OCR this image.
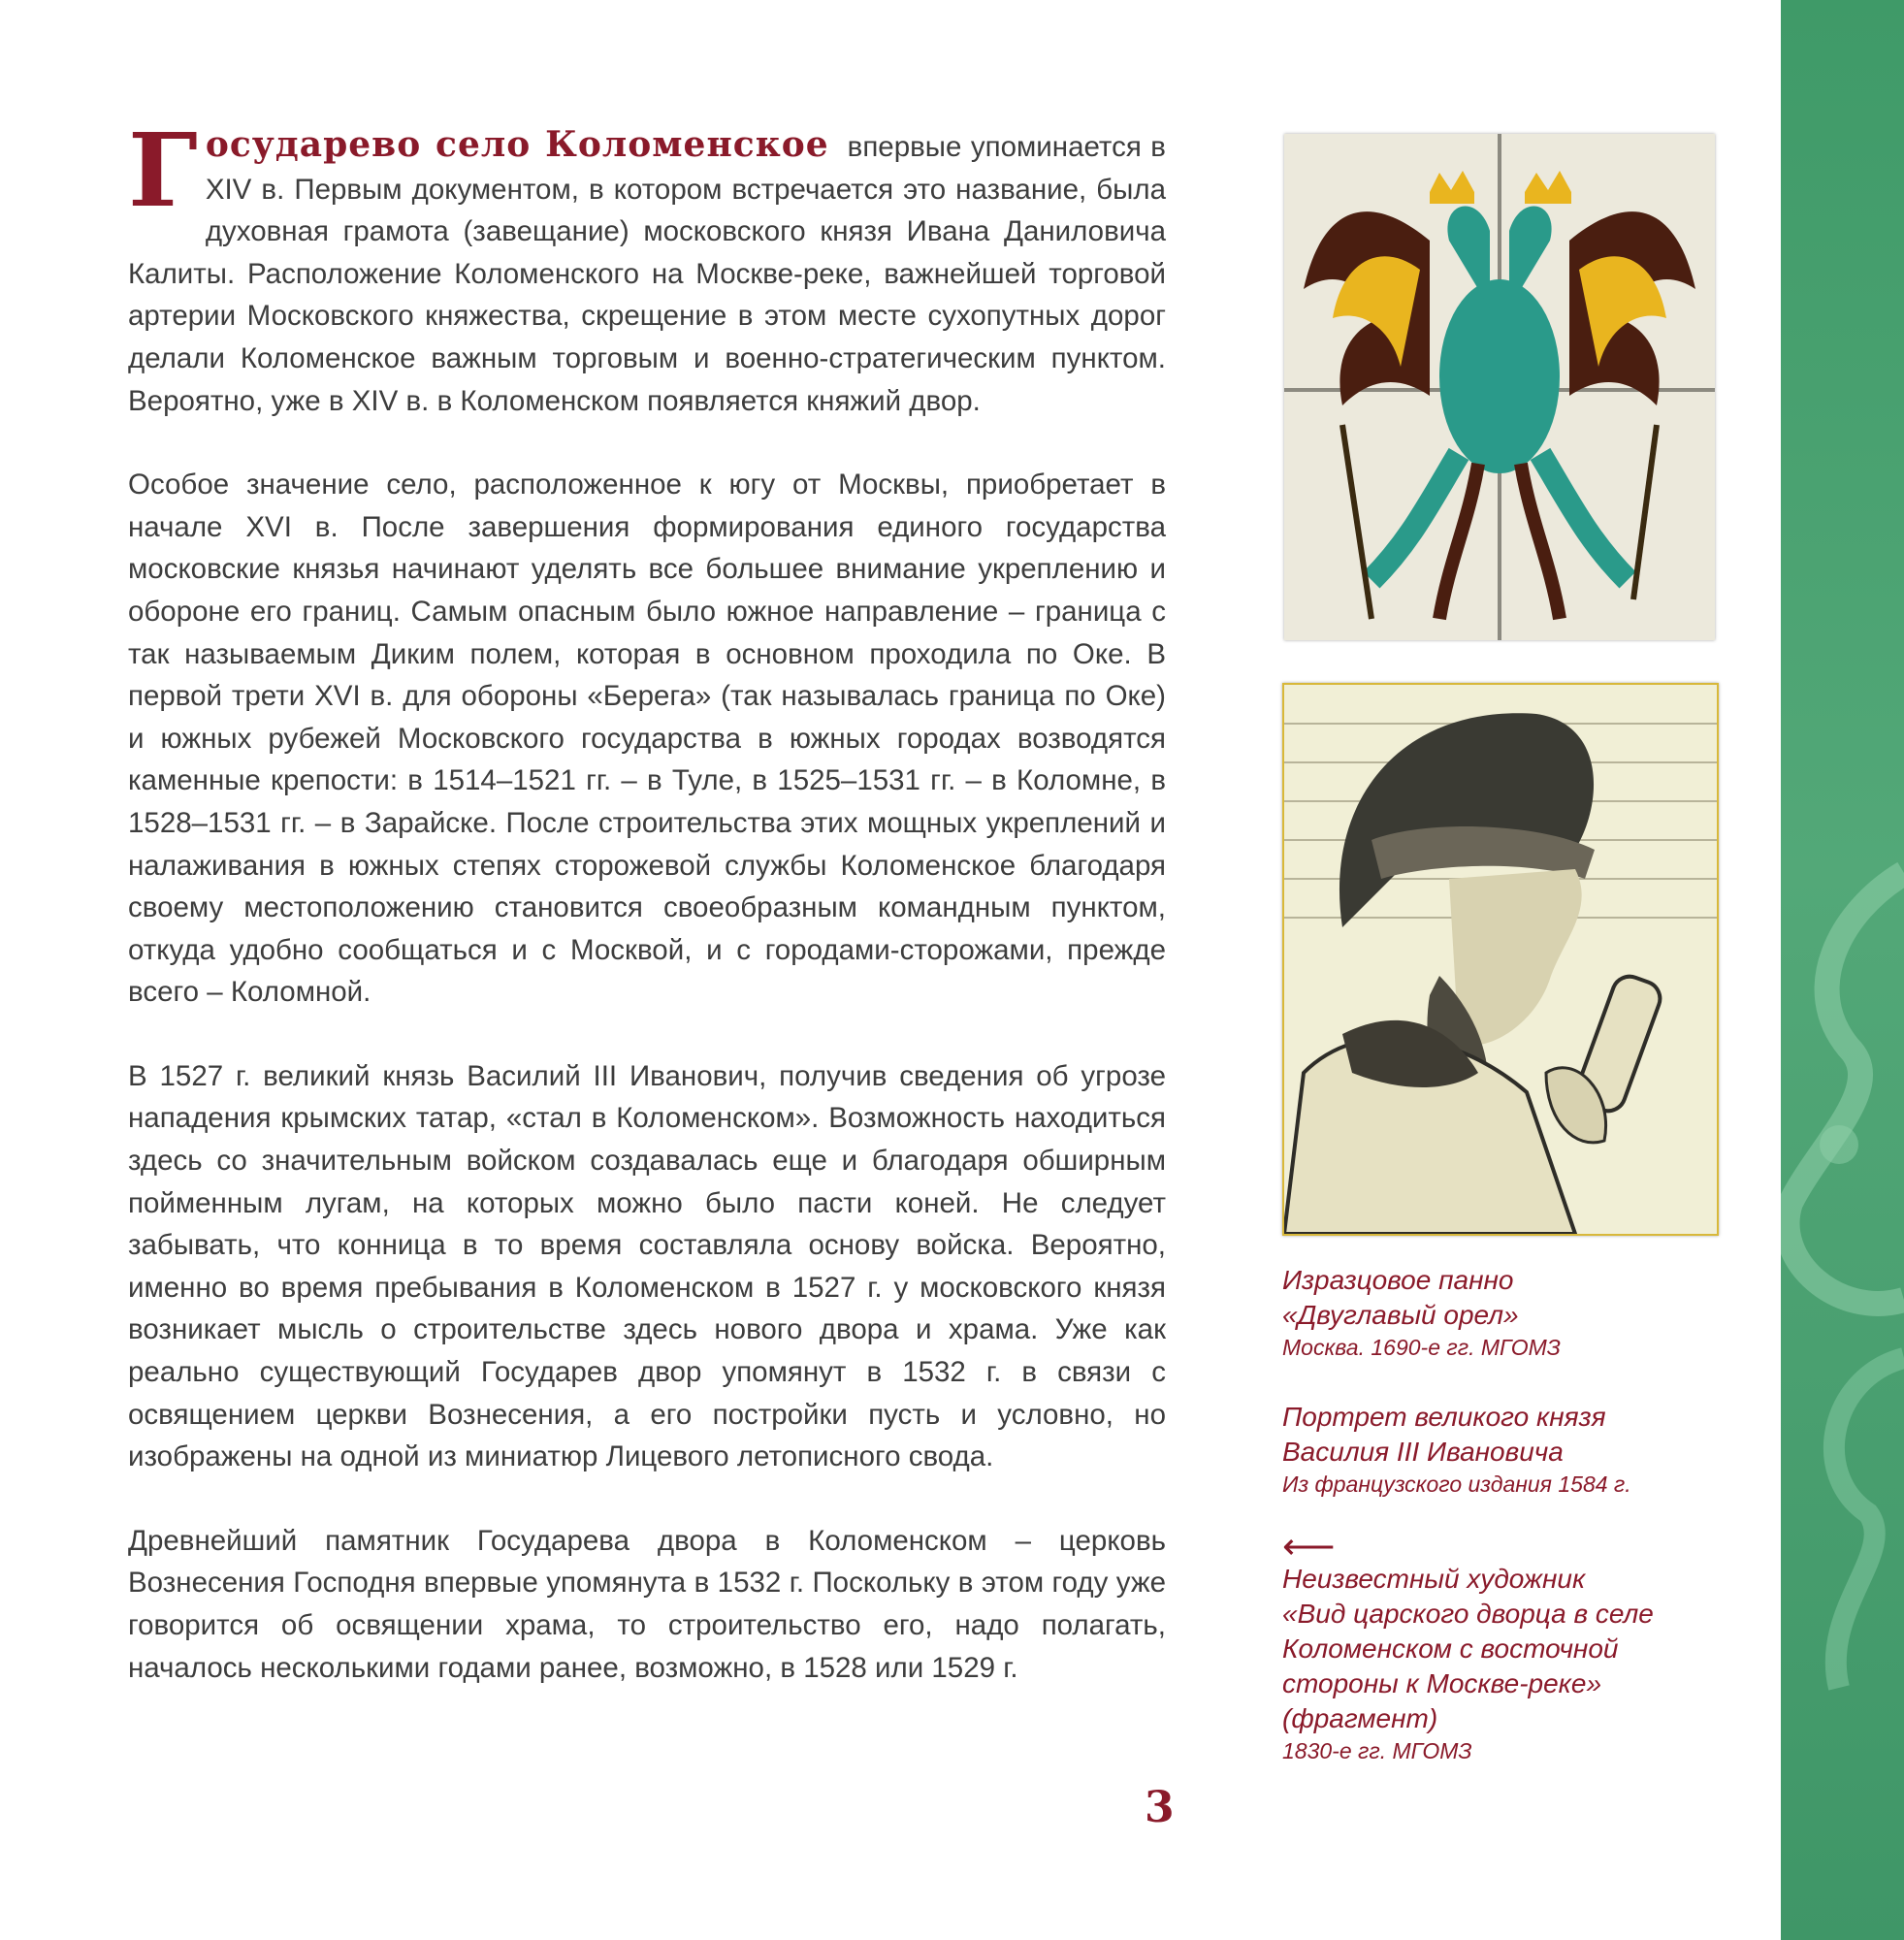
Государево село Коломенское впервые упоминается в XIV в. Первым документом, в котором встречается это название, была духовная грамота (завещание) московского князя Ивана Даниловича Калиты. Расположение Коломенского на Москве-реке, важнейшей торговой артерии Московского княжества, скрещение в этом месте сухопутных дорог делали Коломенское важным торговым и военно-стратегическим пунктом. Вероятно, уже в XIV в. в Коломенском появляется княжий двор.

Особое значение село, расположенное к югу от Москвы, приобретает в начале XVI в. После завершения формирования единого государства московские князья начинают уделять все большее внимание укреплению и обороне его границ. Самым опасным было южное направление – граница с так называемым Диким полем, которая в основном проходила по Оке. В первой трети XVI в. для обороны «Берега» (так называлась граница по Оке) и южных рубежей Московского государства в южных городах возводятся каменные крепости: в 1514–1521 гг. – в Туле, в 1525–1531 гг. – в Коломне, в 1528–1531 гг. – в Зарайске. После строительства этих мощных укреплений и налаживания в южных степях сторожевой службы Коломенское благодаря своему местоположению становится своеобразным командным пунктом, откуда удобно сообщаться и с Москвой, и с городами-сторожами, прежде всего – Коломной.

В 1527 г. великий князь Василий III Иванович, получив сведения об угрозе нападения крымских татар, «стал в Коломенском». Возможность находиться здесь со значительным войском создавалась еще и благодаря обширным пойменным лугам, на которых можно было пасти коней. Не следует забывать, что конница в то время составляла основу войска. Вероятно, именно во время пребывания в Коломенском в 1527 г. у московского князя возникает мысль о строительстве здесь нового двора и храма. Уже как реально существующий Государев двор упомянут в 1532 г. в связи с освящением церкви Вознесения, а его постройки пусть и условно, но изображены на одной из миниатюр Лицевого летописного свода.

Древнейший памятник Государева двора в Коломенском – церковь Вознесения Господня впервые упомянута в 1532 г. Поскольку в этом году уже говорится об освящении храма, то строительство его, надо полагать, началось несколькими годами ранее, возможно, в 1528 или 1529 г.

Изразцовое панно
«Двуглавый орел»
Москва. 1690-е гг. МГОМЗ
Портрет великого князя
Василия III Ивановича
Из французского издания 1584 г.
⟵
Неизвестный художник
«Вид царского дворца в селе
Коломенском с восточной
стороны к Москве-реке»
(фрагмент)
1830-е гг. МГОМЗ
3
